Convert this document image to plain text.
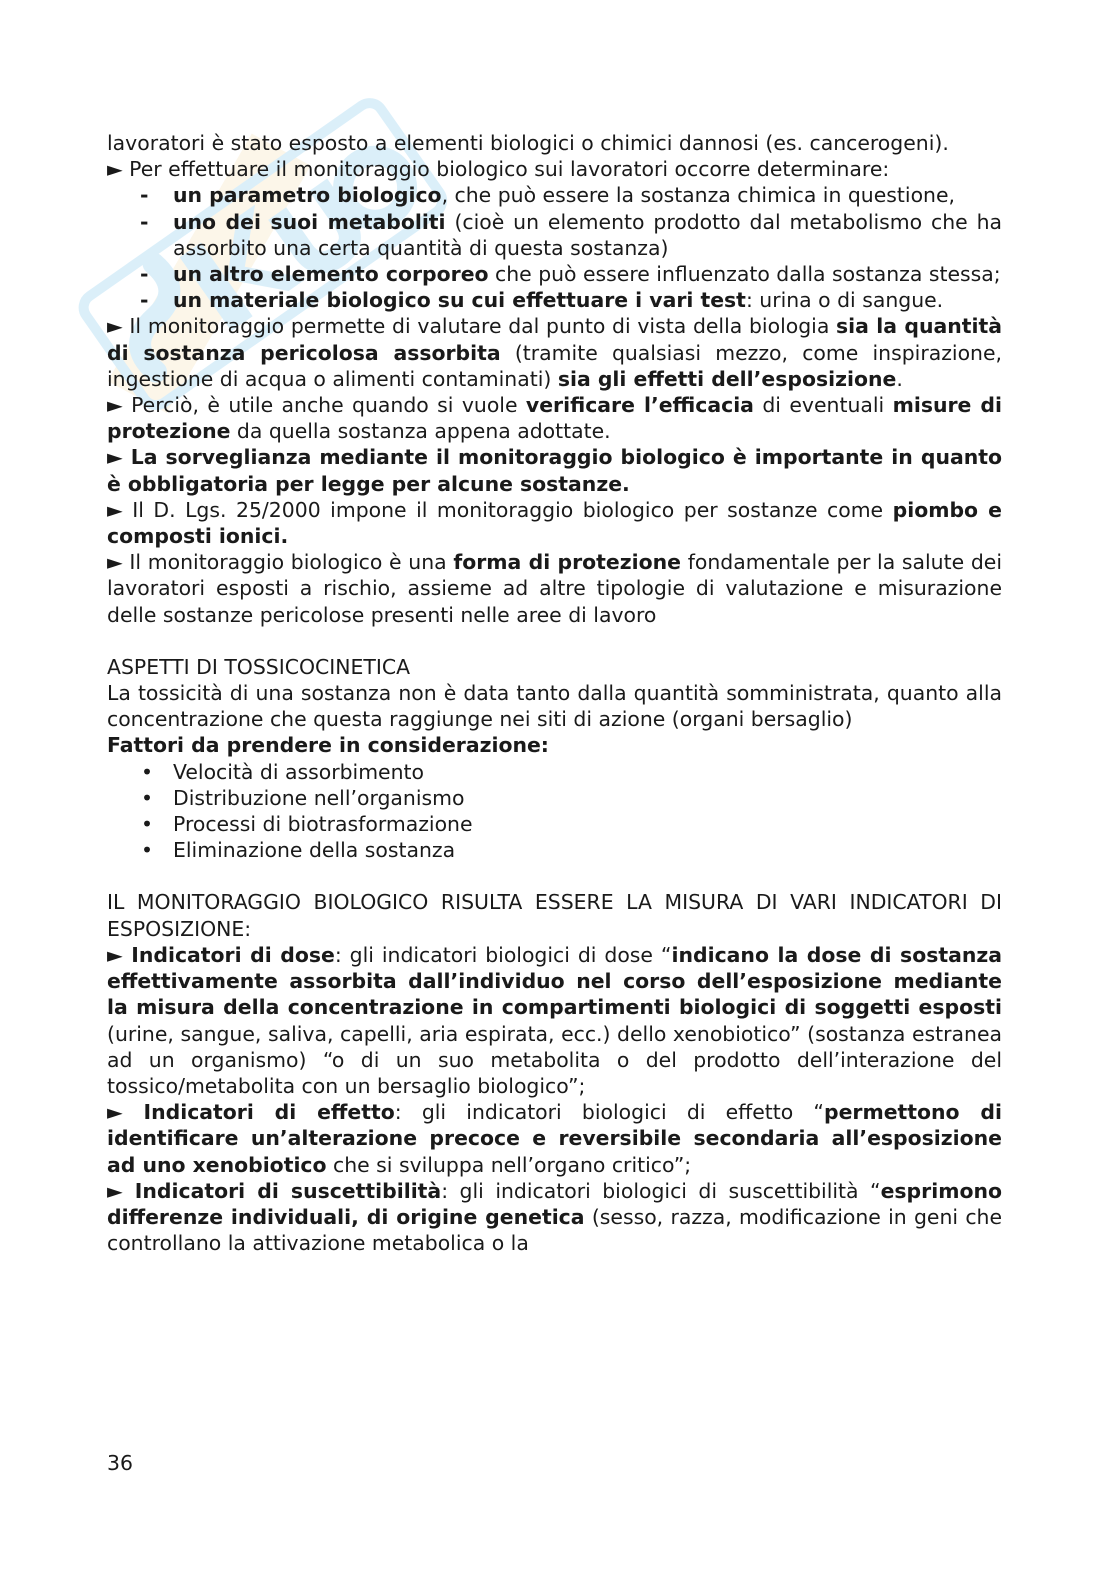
lavoratori è stato esposto a elementi biologici o chimici dannosi (es. cancerogeni).

► Per effettuare il monitoraggio biologico sui lavoratori occorre determinare:

- un parametro biologico, che può essere la sostanza chimica in questione,
- uno dei suoi metaboliti (cioè un elemento prodotto dal metabolismo che ha assorbito una certa quantità di questa sostanza)
- un altro elemento corporeo che può essere influenzato dalla sostanza stessa;
- un materiale biologico su cui effettuare i vari test: urina o di sangue.

► Il monitoraggio permette di valutare dal punto di vista della biologia sia la quantità di sostanza pericolosa assorbita (tramite qualsiasi mezzo, come inspirazione, ingestione di acqua o alimenti contaminati) sia gli effetti dell’esposizione.

► Perciò, è utile anche quando si vuole verificare l’efficacia di eventuali misure di protezione da quella sostanza appena adottate.

► La sorveglianza mediante il monitoraggio biologico è importante in quanto è obbligatoria per legge per alcune sostanze.

► Il D. Lgs. 25/2000 impone il monitoraggio biologico per sostanze come piombo e composti ionici.

► Il monitoraggio biologico è una forma di protezione fondamentale per la salute dei lavoratori esposti a rischio, assieme ad altre tipologie di valutazione e misurazione delle sostanze pericolose presenti nelle aree di lavoro

ASPETTI DI TOSSICOCINETICA

La tossicità di una sostanza non è data tanto dalla quantità somministrata, quanto alla concentrazione che questa raggiunge nei siti di azione (organi bersaglio)

Fattori da prendere in considerazione:

• Velocità di assorbimento
• Distribuzione nell’organismo
• Processi di biotrasformazione
• Eliminazione della sostanza

IL MONITORAGGIO BIOLOGICO RISULTA ESSERE LA MISURA DI VARI INDICATORI DI ESPOSIZIONE:

► Indicatori di dose: gli indicatori biologici di dose “indicano la dose di sostanza effettivamente assorbita dall’individuo nel corso dell’esposizione mediante la misura della concentrazione in compartimenti biologici di soggetti esposti (urine, sangue, saliva, capelli, aria espirata, ecc.) dello xenobiotico” (sostanza estranea ad un organismo) “o di un suo metabolita o del prodotto dell’interazione del tossico/metabolita con un bersaglio biologico”;

► Indicatori di effetto: gli indicatori biologici di effetto “permettono di identificare un’alterazione precoce e reversibile secondaria all’esposizione ad uno xenobiotico che si sviluppa nell’organo critico”;

► Indicatori di suscettibilità: gli indicatori biologici di suscettibilità “esprimono differenze individuali, di origine genetica (sesso, razza, modificazione in geni che controllano la attivazione metabolica o la

36
